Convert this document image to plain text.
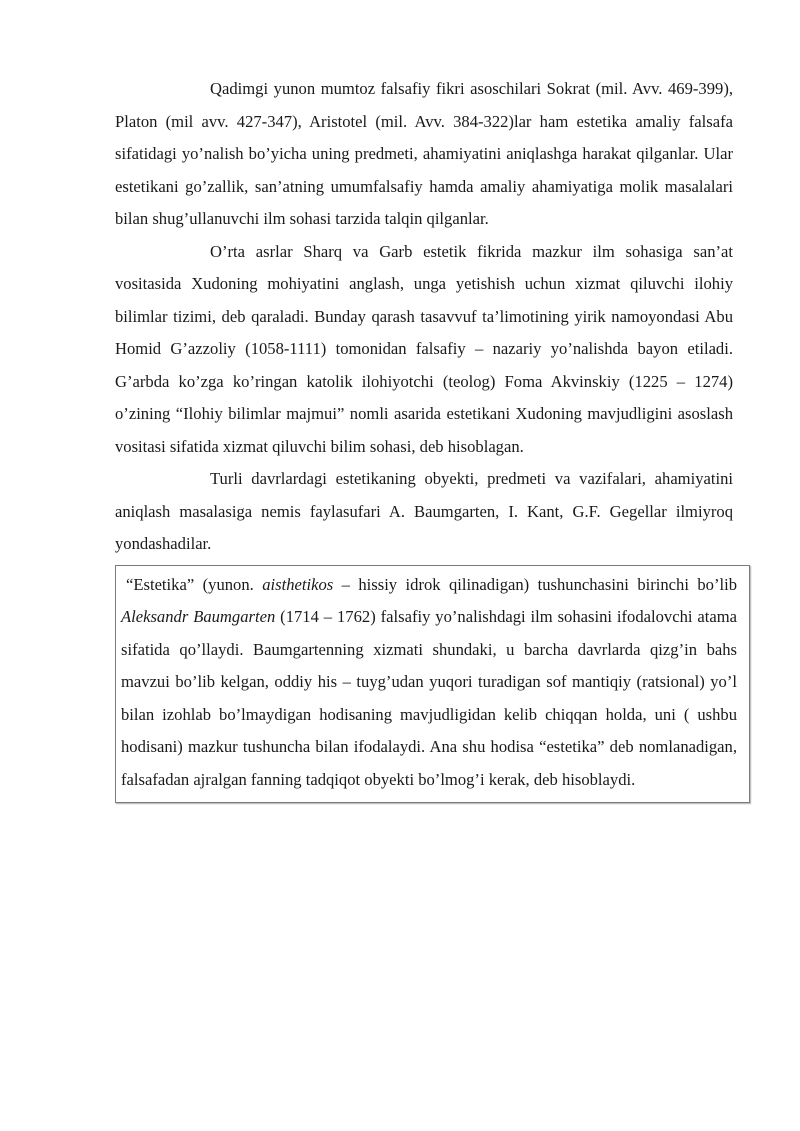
Qadimgi yunon mumtoz falsafiy fikri asoschilari Sokrat (mil. Avv. 469-399), Platon (mil avv. 427-347), Aristotel (mil. Avv. 384-322)lar ham estetika amaliy falsafa sifatidagi yo’nalish bo’yicha uning predmeti, ahamiyatini aniqlashga harakat qilganlar. Ular estetikani go’zallik, san’atning umumfalsafiy hamda amaliy ahamiyatiga molik masalalari bilan shug’ullanuvchi ilm sohasi tarzida talqin qilganlar.

O’rta asrlar Sharq va Garb estetik fikrida mazkur ilm sohasiga san’at vositasida Xudoning mohiyatini anglash, unga yetishish uchun xizmat qiluvchi ilohiy bilimlar tizimi, deb qaraladi. Bunday qarash tasavvuf ta’limotining yirik namoyondasi Abu Homid G’azzoliy (1058-1111) tomonidan falsafiy – nazariy yo’nalishda bayon etiladi. G’arbda ko’zga ko’ringan katolik ilohiyotchi (teolog) Foma Akvinskiy (1225 – 1274) o’zining “Ilohiy bilimlar majmui” nomli asarida estetikani Xudoning mavjudligini asoslash vositasi sifatida xizmat qiluvchi bilim sohasi, deb hisoblagan.

Turli davrlardagi estetikaning obyekti, predmeti va vazifalari, ahamiyatini aniqlash masalasiga nemis faylasufari A. Baumgarten, I. Kant, G.F. Gegellar ilmiyroq yondashadilar.

“Estetika” (yunon. aisthetikos – hissiy idrok qilinadigan) tushunchasini birinchi bo’lib Aleksandr Baumgarten (1714 – 1762) falsafiy yo’nalishdagi ilm sohasini ifodalovchi atama sifatida qo’llaydi. Baumgartenning xizmati shundaki, u barcha davrlarda qizg’in bahs mavzui bo’lib kelgan, oddiy his – tuyg’udan yuqori turadigan sof mantiqiy (ratsional) yo’l bilan izohlab bo’lmaydigan hodisaning mavjudligidan kelib chiqqan holda, uni ( ushbu hodisani) mazkur tushuncha bilan ifodalaydi. Ana shu hodisa “estetika” deb nomlanadigan, falsafadan ajralgan fanning tadqiqot obyekti bo’lmog’i kerak, deb hisoblaydi.
